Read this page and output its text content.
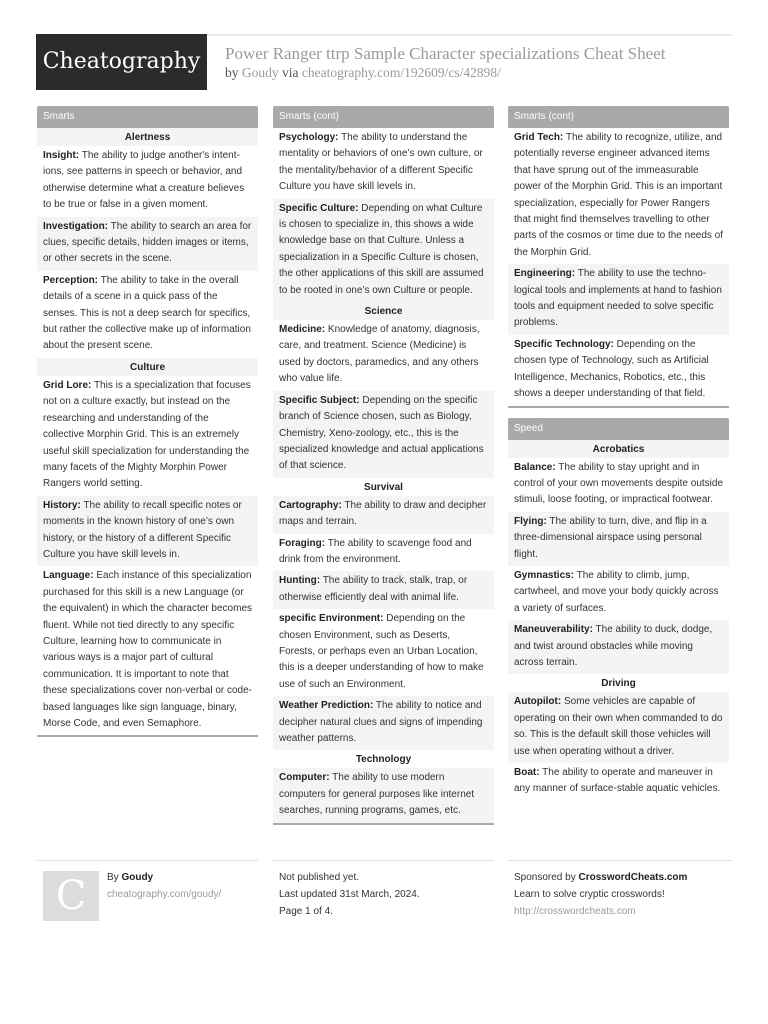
Cheatography	Power Ranger ttrp Sample Character specializations Cheat Sheet
by Goudy via cheatography.com/192609/cs/42898/
Smarts
Alertness
Insight: The ability to judge another's intentions, see patterns in speech or behavior, and otherwise determine what a creature believes to be true or false in a given moment.
Investigation: The ability to search an area for clues, specific details, hidden images or items, or other secrets in the scene.
Perception: The ability to take in the overall details of a scene in a quick pass of the senses. This is not a deep search for specifics, but rather the collective make up of information about the present scene.
Culture
Grid Lore: This is a specialization that focuses not on a culture exactly, but instead on the researching and understanding of the collective Morphin Grid. This is an extremely useful skill specialization for understanding the many facets of the Mighty Morphin Power Rangers world setting.
History: The ability to recall specific notes or moments in the known history of one’s own history, or the history of a different Specific Culture you have skill levels in.
Language: Each instance of this specialization purchased for this skill is a new Language (or the equivalent) in which the character becomes fluent. While not tied directly to any specific Culture, learning how to communicate in various ways is a major part of cultural communication. It is important to note that these specializations cover non-verbal or code-based languages like sign language, binary, Morse Code, and even Semaphore.
Smarts (cont)
Psychology: The ability to understand the mentality or behaviors of one’s own culture, or the mentality/behavior of a different Specific Culture you have skill levels in.
Specific Culture: Depending on what Culture is chosen to specialize in, this shows a wide knowledge base on that Culture. Unless a specialization in a Specific Culture is chosen, the other applications of this skill are assumed to be rooted in one’s own Culture or people.
Science
Medicine: Knowledge of anatomy, diagnosis, care, and treatment. Science (Medicine) is used by doctors, paramedics, and any others who value life.
Specific Subject: Depending on the specific branch of Science chosen, such as Biology, Chemistry, Xeno-zoology, etc., this is the specialized knowledge and actual applications of that science.
Survival
Cartography: The ability to draw and decipher maps and terrain.
Foraging: The ability to scavenge food and drink from the environment.
Hunting: The ability to track, stalk, trap, or otherwise efficiently deal with animal life.
specific Environment: Depending on the chosen Environment, such as Deserts, Forests, or perhaps even an Urban Location, this is a deeper understanding of how to make use of such an Environment.
Weather Prediction: The ability to notice and decipher natural clues and signs of impending weather patterns.
Technology
Computer: The ability to use modern computers for general purposes like internet searches, running programs, games, etc.
Smarts (cont)
Grid Tech: The ability to recognize, utilize, and potentially reverse engineer advanced items that have sprung out of the immeasurable power of the Morphin Grid. This is an important specialization, especially for Power Rangers that might find themselves travelling to other parts of the cosmos or time due to the needs of the Morphin Grid.
Engineering: The ability to use the technological tools and implements at hand to fashion tools and equipment needed to solve specific problems.
Specific Technology: Depending on the chosen type of Technology, such as Artificial Intelligence, Mechanics, Robotics, etc., this shows a deeper understanding of that field.
Speed
Acrobatics
Balance: The ability to stay upright and in control of your own movements despite outside stimuli, loose footing, or impractical footwear.
Flying: The ability to turn, dive, and flip in a three-dimensional airspace using personal flight.
Gymnastics: The ability to climb, jump, cartwheel, and move your body quickly across a variety of surfaces.
Maneuverability: The ability to duck, dodge, and twist around obstacles while moving across terrain.
Driving
Autopilot: Some vehicles are capable of operating on their own when commanded to do so. This is the default skill those vehicles will use when operating without a driver.
Boat: The ability to operate and maneuver in any manner of surface-stable aquatic vehicles.
C	By Goudy
cheatography.com/goudy/
Not published yet.
Last updated 31st March, 2024.
Page 1 of 4.
Sponsored by CrosswordCheats.com
Learn to solve cryptic crosswords!
http://crosswordcheats.com
